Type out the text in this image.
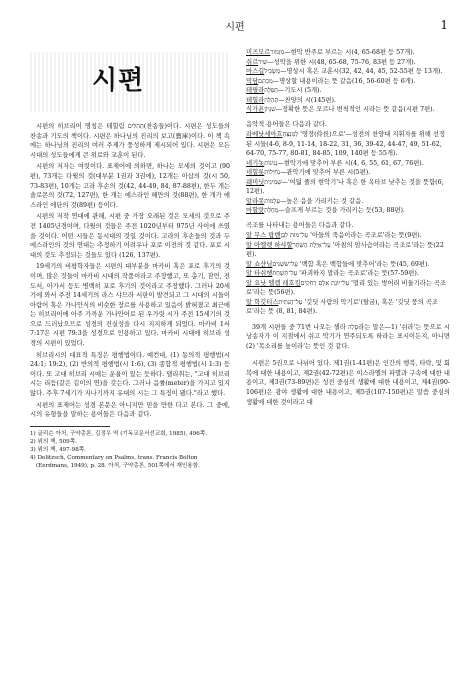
시편	1
시편

시편의 히브리어 명칭은 테힐림 תְּהִלִּים(찬송들)이다. 시편은 성도들의 찬송과 기도의 책이다. 시편은 하나님의 진리의 보고(寶庫)이다. 이 책 속에는 하나님의 진리의 여러 주제가 풍성하게 제시되어 있다. 시편은 모든 시대의 성도들에게 큰 위로와 교훈이 된다.

시편의 저자는 여럿이다. 표제어에 의하면, 하나는 모세의 것이고 (90편), 73개는 다윗의 것(대부분 1권과 3권에), 12개는 아삽의 것(시 50, 73-83편), 10개는 고라 후손의 것(42, 44-49, 84, 87-88편), 한두 개는 솔로몬의 것(72, 127편), 한 개는 에스라인 헤만의 것(88편), 한 개가 에스라인 에단의 것(89편) 등이다.

시편의 저작 연대에 관해, 시편 중 가장 오래된 것은 모세의 것으로 주전 1405년경이며, 다윗의 것들은 주전 1020년부터 975년 사이에 쓰였을 것이다. 어떤 시들은 동시대의 것일 것이다. 고라의 후손들의 것과 두 에스라인의 것의 연대는 추정하기 어려우나 포로 이전의 것 같다. 포로 시대의 것도 추정되는 것들도 있다 (126, 137편).

19세기의 비평학자들은 시편의 대부분을 마카비 혹은 포로 후기의 것이며, 많은 것들이 마카비 시대의 작품이라고 주장했고, 또 총기, 잠언, 전도서, 아가서 등도 병백히 포로 후기의 것이라고 주장했다. 그러나 20세기에 와서 주전 14세기의 라스 샤므라 서판이 발견되고 그 시대의 시들이 아람어 혹은 가나안식의 비슷한 장르를 사용하고 있음이 밝혀졌고 최근에는 히브리어에 아주 가까운 가나안어로 된 우가릿 시가 주전 15세기의 것으로 드러났으므로 성경의 진실성을 다시 지지하게 되었다. 마카비 1서 7:17은 시편 79:3을 성경으로 인용하고 있다. 마카비 시대에 히브리 성경의 시편이 있었다.

히브리시의 대표적 특징은 평행법이다. 예컨대, (1) 동의적 평행법(시 24:1; 19:2), (2) 반의적 평행법(시 1:6), (3) 종합적 평행법(시 1:3) 등이다. 또 고대 히브리 시에는 운율이 있는 듯하다. 델리취는, "고대 히브리 시는 리듬(같은 길이의 연)을 갖는다. 그러나 음률(meter)을 가지고 있지 않다. 주후 7세기가 지나기까지 유대의 시는 그 특징이 됐다."라고 했다.

시편의 표제어는 성경 본문은 아니지만 믿을 만한 다고 본다. 그 중에, 시의 유형들을 말하는 용어들은 다음과 같다.

1) 글리슨 아처, 구약총론, 김정우 역 (기독교문서선교회, 1985), 496쪽.

2) 위의 책, 509쪽.

3) 위의 책, 497-98쪽.

4) Delitzsch, Commentary on Psalms, trans. Francis Bolton (Eerdmans, 1949), p. 28. 아처, 구약총론, 501쪽에서 재인용함.

미즈모르מִזְמוֹר—현악 반주로 부르는 시(4, 65-68편 등 57개).

쉬르שִׁיר—성악을 위한 시(48, 65-68, 75-76, 83편 등 27개).

마스길מַשְׂכִּיל—명상시 혹은 교훈시(32, 42, 44, 45, 52-55편 등 13개).

믹담מִכְתָּם—명상할 내용이라는 뜻 같음(16, 56-60편 등 6개).

테필라תְּפִלָּה—기도시 (5개).

테힐라תְּהִלָּה—찬양의 시(145편).

식가욘שִׁגָּיוֹן—정확한 뜻은 모르나 변척적인 시라는 뜻 같음(시편 7편).

음악적 용어들은 다음과 같다.

라메낫세아흐לַמְנַצֵּחַ '영장(伶長)으로'—성전의 찬양대 지휘자를 위해 선정된 시들(4-6, 8-9, 11-14, 18-22, 31, 36, 39-42, 44-47, 49, 51-62, 64-70, 75-77, 80-81, 84-85, 109, 140편 등 55개).

네기놋נְגִינוֹת—현악기에 맞추어 부른 시(4, 6, 55, 61, 67, 76편).

네힐롯נְחִילוֹת—관악기에 맞추어 부른 시(5편).

쉐미닛שְׁמִינִית—'여덟 줄의 현악기'나 혹은 한 옥타브 낮추는 것을 뜻함(6, 12편).

알라못עֲלָמוֹת—높은 음을 가리키는 것 같음.

마할랏מָחֲלַת—슬프게 부르는 것을 가리키는 듯(53, 88편).

곡조를 나타내는 용어들은 다음과 같다.

알 무스 랍벤עַל־מוּת לַבֵּן '아들의 죽음이라는 곡조로'라는 뜻(9편).

알 아엘렛 하샤할עַל־אַיֶּלֶת הַשַּׁחַר '아침의 암사슴이라는 곡조로'라는 뜻(22편).

알 쇼샨님עַל־שֹׁשַׁנִּים '백합 혹은 백합들에 맞추어'라는 뜻(45, 69편).

알 타쉬헷עַל־תַּשְׁחֵת '파괴하지 말라는 곡조로'라는 뜻(57-59편).

알 요낫 엘렘 레호킴עַל־יוֹנַת אֵלֶם רְחֹקִים '멀리 있는 벙어리 비둘기라는 곡조로'라는 뜻(56편).

알 학깃티스עַל־הַגִּתִּית '깃딧 사람의 악기로'(탈굼), 혹은 '깃딧 풍의 곡조로'라는 뜻 (8, 81, 84편).

39개 시편들 중 71번 나오는 셀라 סֶלָה라는 말은—1) '쉬라'는 뜻으로 시 낭송자가 이 지점에서 쉬고 악기가 연주되도록 하라는 표시이든지, 아니면 (2) '목소리를 높이라'는 뜻인 것 같다.

시편은 5권으로 나뉘어 있다. 제1권(1-41편)은 인간의 행복, 타락, 및 회복에 대한 내용이고, 제2권(42-72편)은 이스라엘의 파멸과 구속에 대한 내용이고, 제3권(73-89편)은 성전 중심의 생활에 대한 내용이고, 제4권(90-106편)은 광야 생활에 대한 내용이고, 제5권(107-150편)은 말씀 중심의 생활에 대한 것이라고 대
